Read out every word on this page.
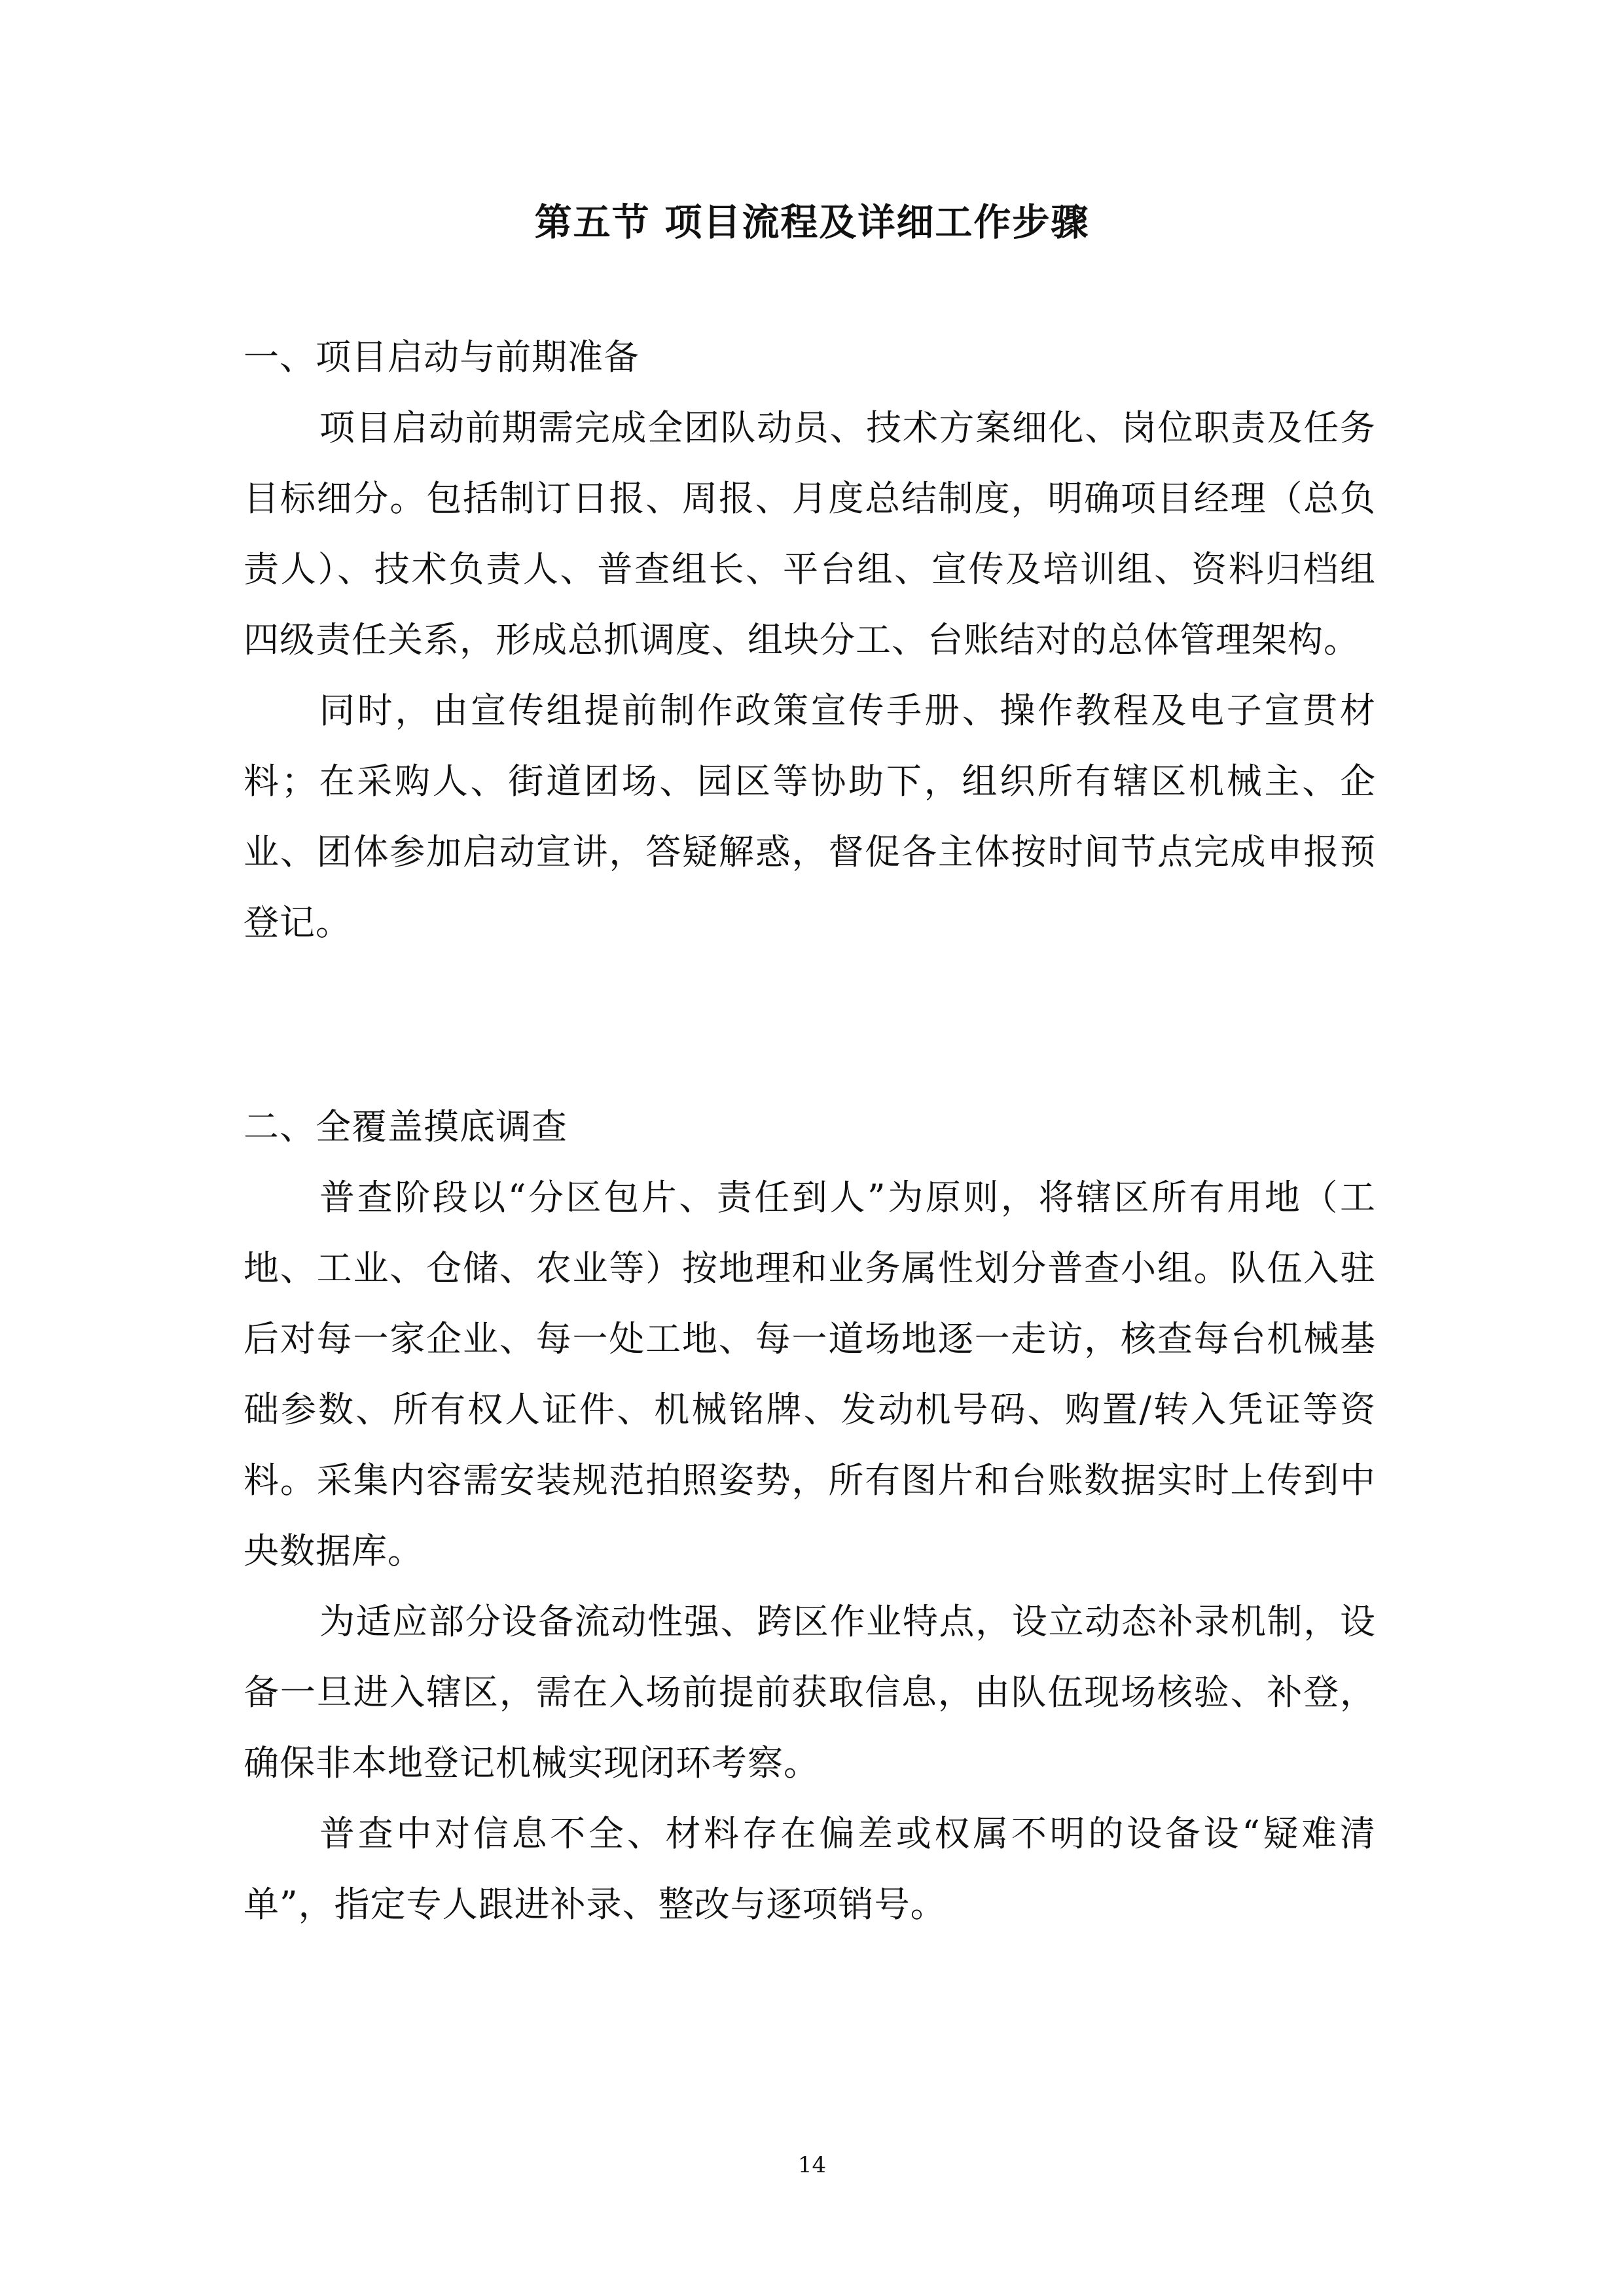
第五节 项目流程及详细工作步骤
一、项目启动与前期准备

项目启动前期需完成全团队动员、技术方案细化、岗位职责及任务目标细分。包括制订日报、周报、月度总结制度，明确项目经理（总负责人）、技术负责人、普查组长、平台组、宣传及培训组、资料归档组四级责任关系，形成总抓调度、组块分工、台账结对的总体管理架构。

同时，由宣传组提前制作政策宣传手册、操作教程及电子宣贯材料；在采购人、街道团场、园区等协助下，组织所有辖区机械主、企业、团体参加启动宣讲，答疑解惑，督促各主体按时间节点完成申报预登记。

二、全覆盖摸底调查

普查阶段以“分区包片、责任到人”为原则，将辖区所有用地（工地、工业、仓储、农业等）按地理和业务属性划分普查小组。队伍入驻后对每一家企业、每一处工地、每一道场地逐一走访，核查每台机械基础参数、所有权人证件、机械铭牌、发动机号码、购置/转入凭证等资料。采集内容需安装规范拍照姿势，所有图片和台账数据实时上传到中央数据库。

为适应部分设备流动性强、跨区作业特点，设立动态补录机制，设备一旦进入辖区，需在入场前提前获取信息，由队伍现场核验、补登，确保非本地登记机械实现闭环考察。

普查中对信息不全、材料存在偏差或权属不明的设备设“疑难清单”，指定专人跟进补录、整改与逐项销号。

14
